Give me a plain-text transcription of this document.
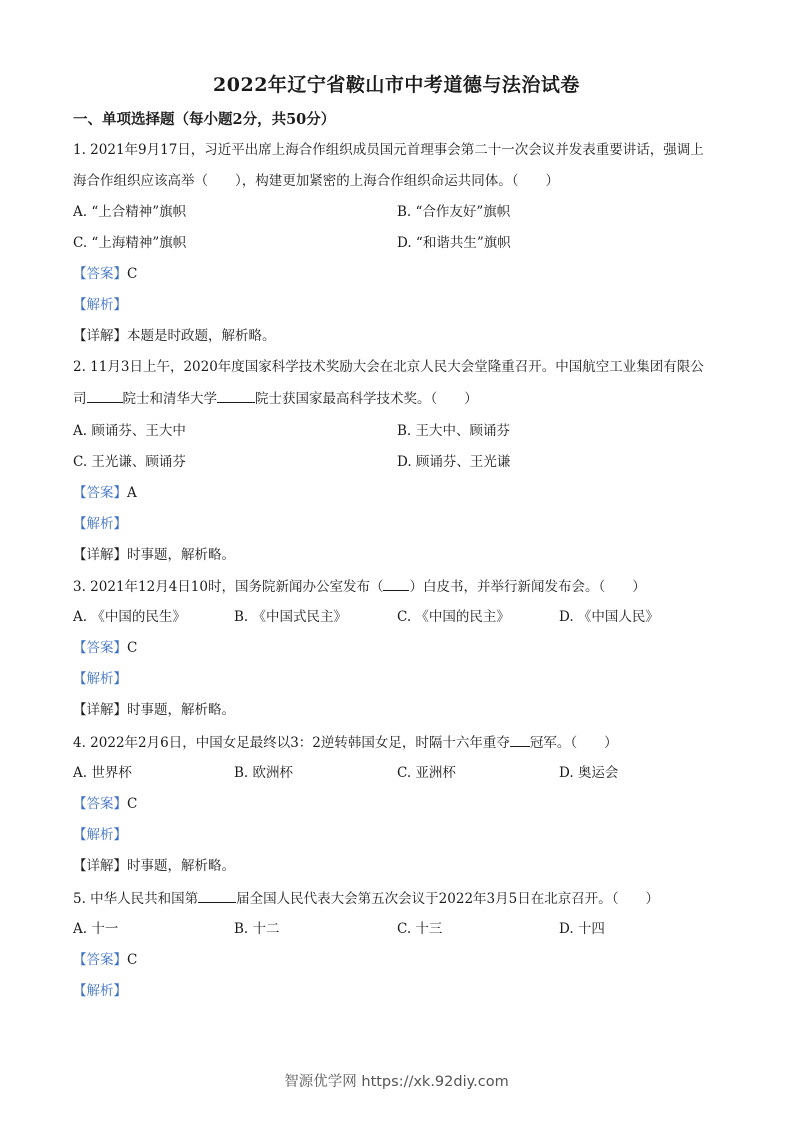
2022年辽宁省鞍山市中考道德与法治试卷
一、单项选择题（每小题2分，共50分）
1. 2021年9月17日，习近平出席上海合作组织成员国元首理事会第二十一次会议并发表重要讲话，强调上
海合作组织应该高举（　　），构建更加紧密的上海合作组织命运共同体。（　　）
A. “上合精神”旗帜	B. “合作友好”旗帜
C. “上海精神”旗帜	D. “和谐共生”旗帜
【答案】C
【解析】
【详解】本题是时政题，解析略。
2. 11月3日上午，2020年度国家科学技术奖励大会在北京人民大会堂隆重召开。中国航空工业集团有限公
司	院士和清华大学	院士获国家最高科学技术奖。（　　）
A. 顾诵芬、王大中	B. 王大中、顾诵芬
C. 王光谦、顾诵芬	D. 顾诵芬、王光谦
【答案】A
【解析】
【详解】时事题，解析略。
3. 2021年12月4日10时，国务院新闻办公室发布（ ）白皮书，并举行新闻发布会。（　　）
A. 《中国的民生》	B. 《中国式民主》	C. 《中国的民主》	D. 《中国人民》
【答案】C
【解析】
【详解】时事题，解析略。
4. 2022年2月6日，中国女足最终以3：2逆转韩国女足，时隔十六年重夺 冠军。（　　）
A. 世界杯	B. 欧洲杯	C. 亚洲杯	D. 奥运会
【答案】C
【解析】
【详解】时事题，解析略。
5. 中华人民共和国第	届全国人民代表大会第五次会议于2022年3月5日在北京召开。（　　）
A. 十一	B. 十二	C. 十三	D. 十四
【答案】C
【解析】
智源优学网 https://xk.92diy.com
